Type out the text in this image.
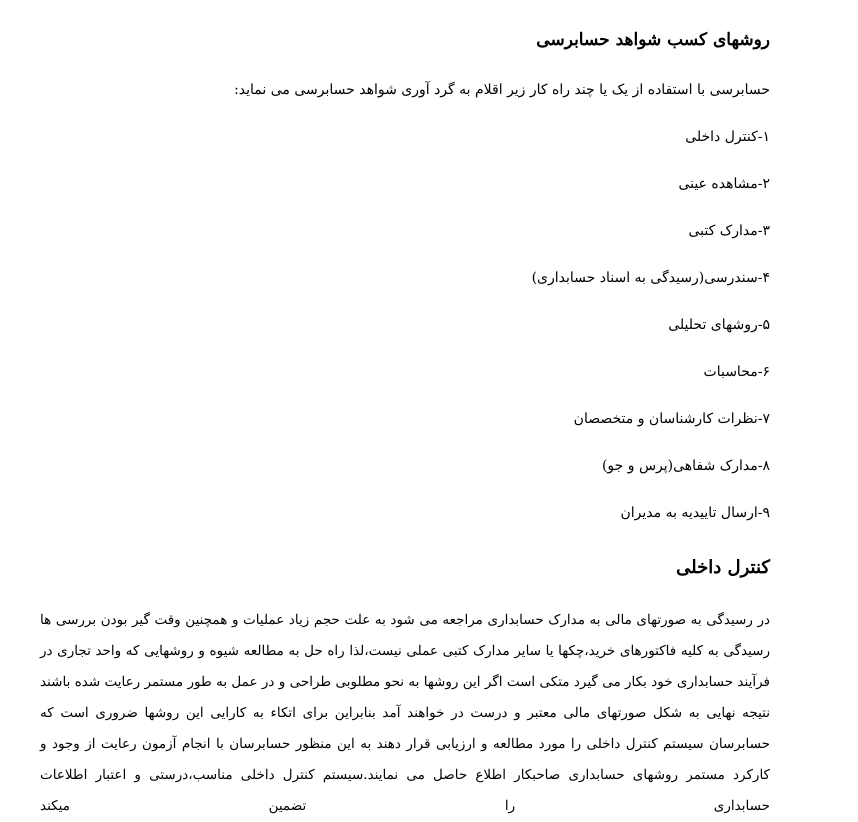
روشهای کسب شواهد حسابرسی

حسابرسی با استفاده از یک یا چند راه کار زیر اقلام به گرد آوری شواهد حسابرسی می نماید:

۱-کنترل داخلی
۲-مشاهده عینی
۳-مدارک کتبی
۴-سندرسی(رسیدگی به اسناد حسابداری)
۵-روشهای تحلیلی
۶-محاسبات
۷-نظرات کارشناسان و متخصصان
۸-مدارک شفاهی(پرس و جو)
۹-ارسال تاییدیه به مدیران
کنترل داخلی

در رسیدگی به صورتهای مالی به مدارک حسابداری مراجعه می شود به علت حجم زیاد عملیات و همچنین وقت گیر بودن بررسی ها رسیدگی به کلیه فاکتورهای خرید،چکها یا سایر مدارک کتبی عملی نیست،لذا راه حل به مطالعه شیوه و روشهایی که واحد تجاری در فرآیند حسابداری خود بکار می گیرد متکی است اگر این روشها به نحو مطلوبی طراحی و در عمل به طور مستمر رعایت شده باشند نتیجه نهایی به شکل صورتهای مالی معتبر و درست در خواهند آمد بنابراین برای اتکاء به کارایی این روشها ضروری است که حسابرسان سیستم کنترل داخلی را مورد مطالعه و ارزیابی قرار دهند به این منظور حسابرسان با انجام آزمون رعایت از وجود و کارکرد مستمر روشهای حسابداری صاحبکار اطلاع حاصل می نمایند.سیستم کنترل داخلی مناسب،درستی و اعتبار اطلاعات حسابداری را تضمین میکند
